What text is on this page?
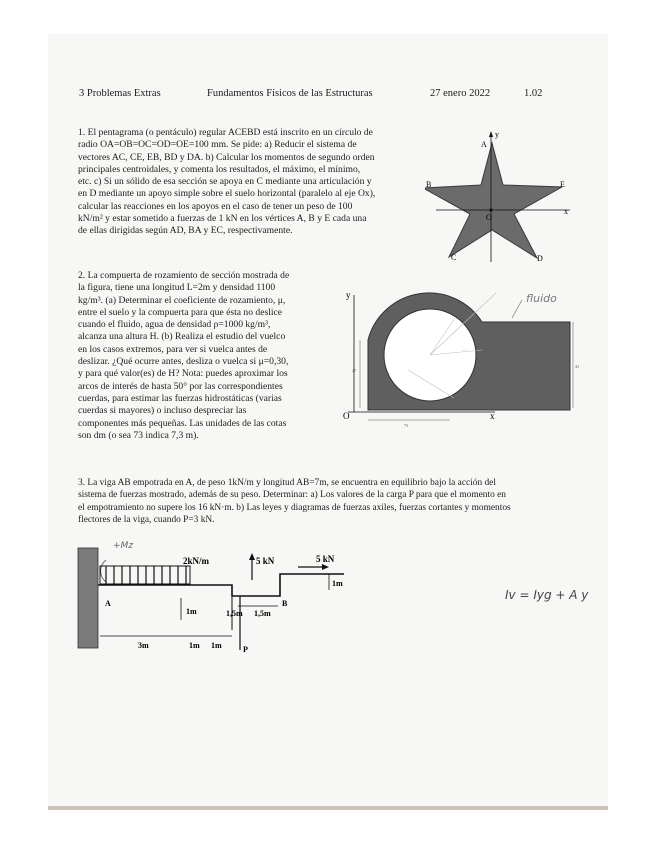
3 Problemas Extras	Fundamentos Físicos de las Estructuras	27 enero 2022	1.02
1. El pentagrama (o pentáculo) regular ACEBD está inscrito en un círculo de
radio OA=OB=OC=OD=OE=100 mm. Se pide: a) Reducir el sistema de
vectores AC, CE, EB, BD y DA. b) Calcular los momentos de segundo orden
principales centroidales, y comenta los resultados, el máximo, el mínimo,
etc. c) Si un sólido de esa sección se apoya en C mediante una articulación y
en D mediante un apoyo simple sobre el suelo horizontal (paralelo al eje Ox),
calcular las reacciones en los apoyos en el caso de tener un peso de 100
kN/m² y estar sometido a fuerzas de 1 kN en los vértices A, B y E cada una
de ellas dirigidas según AD, BA y EC, respectivamente.
A
B
C	D
E
O
x
y
2. La compuerta de rozamiento de sección mostrada de
la figura, tiene una longitud L=2m y densidad 1100
kg/m³. (a) Determinar el coeficiente de rozamiento, μ,
entre el suelo y la compuerta para que ésta no deslice
cuando el fluido, agua de densidad ρ=1000 kg/m³,
alcanza una altura H. (b) Realiza el estudio del vuelco
en los casos extremos, para ver si vuelca antes de
deslizar. ¿Qué ocurre antes, desliza o vuelca si μ=0,30,
y para qué valor(es) de H? Nota: puedes aproximar los
arcos de interés de hasta 50° por las correspondientes
cuerdas, para estimar las fuerzas hidrostáticas (varias
cuerdas si mayores) o incluso despreciar las
componentes más pequeñas. Las unidades de las cotas
son dm (o sea 73 indica 7,3 m).
y
O	x
73
27
108
43
fluido
3. La viga AB empotrada en A, de peso 1kN/m y longitud AB=7m, se encuentra en equilibrio bajo la acción del
sistema de fuerzas mostrado, además de su peso. Determinar: a) Los valores de la carga P para que el momento en
el empotramiento no supere los 16 kN·m. b) Las leyes y diagramas de fuerzas axiles, fuerzas cortantes y momentos
flectores de la viga, cuando P=3 kN.
+Mz
2kN/m	5 kN	5 kN
1m
1m	1,5m 1,5m
3m	1m 1m
A	B
P
Iv = Iyg + A y
